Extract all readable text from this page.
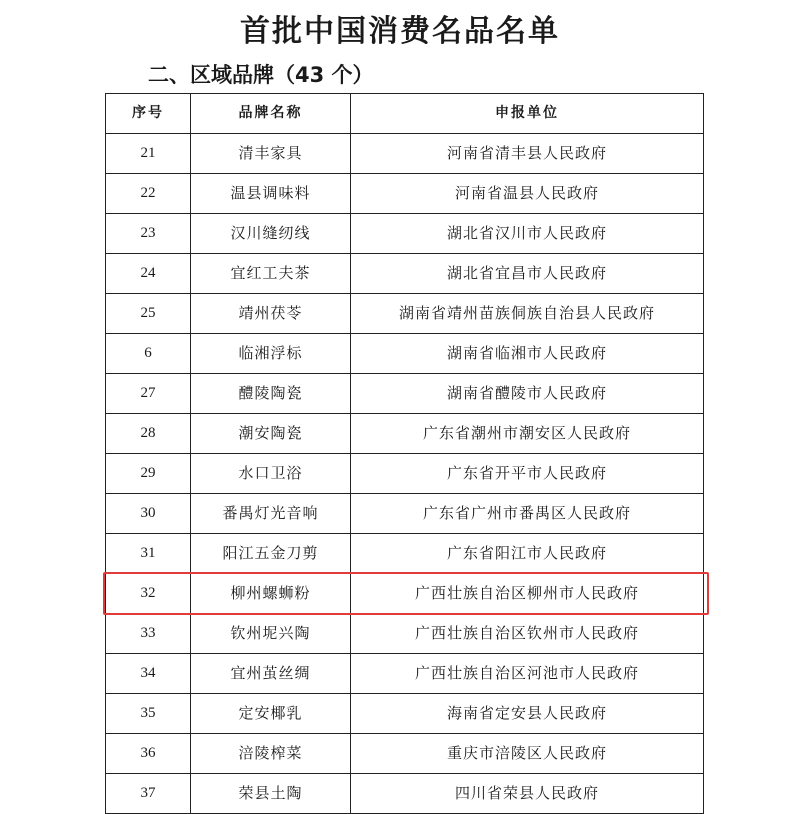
首批中国消费名品名单
二、区域品牌（43 个）
序号	品牌名称	申报单位
21	清丰家具	河南省清丰县人民政府
22	温县调味料	河南省温县人民政府
23	汉川缝纫线	湖北省汉川市人民政府
24	宜红工夫茶	湖北省宜昌市人民政府
25	靖州茯苓	湖南省靖州苗族侗族自治县人民政府
6	临湘浮标	湖南省临湘市人民政府
27	醴陵陶瓷	湖南省醴陵市人民政府
28	潮安陶瓷	广东省潮州市潮安区人民政府
29	水口卫浴	广东省开平市人民政府
30	番禺灯光音响	广东省广州市番禺区人民政府
31	阳江五金刀剪	广东省阳江市人民政府
32	柳州螺蛳粉	广西壮族自治区柳州市人民政府
33	钦州坭兴陶	广西壮族自治区钦州市人民政府
34	宜州茧丝绸	广西壮族自治区河池市人民政府
35	定安椰乳	海南省定安县人民政府
36	涪陵榨菜	重庆市涪陵区人民政府
37	荣县土陶	四川省荣县人民政府
